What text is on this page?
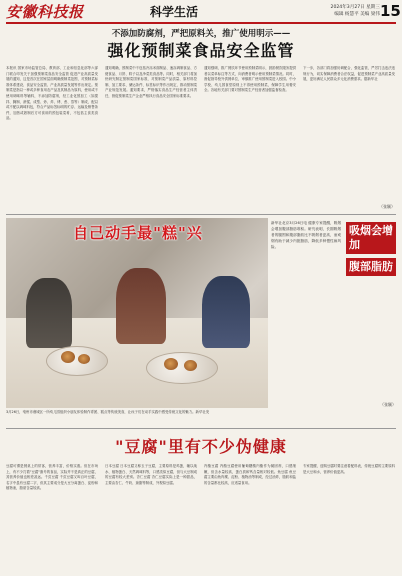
安徽科技报	科学生活	2024年3月27日 星期三
编辑 杨慧平 美编 梁伟 15
不添加防腐剂，严把原料关，推广使用明示——
强化预制菜食品安全监管
本报讯 国家市场监管总局、教育部、工业和信息化部等六部门联合印发关于加强预制菜食品安全监管 促进产业高质量发展的通知，这是首次在国家层面明确预制菜范围，对预制菜标准体系建设、食品安全监管、产业高质量发展等作出规定。预制菜是指以一种或多种食用农产品及其制品为原料，使用或不使用调味料等辅料，不添加防腐剂，经工业化预加工（如搅拌、腌制、滚揉、成型、炒、炸、烤、煮、蒸等）制成，配以或不配以调味料包，符合产品标签标明的贮存、运输及销售条件，加热或熟制后方可食用的预包装菜肴，不包括主食类食品。
通知明确，预制菜中不包括冷冻米面制品、速冻调制食品、方便食品、月饼、粽子以及净菜类食品等。同时，相关部门将加快研究制定预制菜国家标准，对预制菜产品质量、原材料控制、加工要求、储运条件、标签标识等作出规定，推动预制菜产业规范发展。通知要求，严格落实食品生产经营者主体责任，督促预制菜生产企业严格执行食品安全国家标准要求。
通知强调，推广餐饮环节使用预制菜明示，鼓励餐饮服务提供者以菜单标注等方式，向消费者明示使用预制菜情况。同时，督促指导校外供餐单位，审慎推广使用预制菜进入校园。中小学校、幼儿园食堂原则上不得使用预制菜，保障学生用餐安全。各地有关部门要对预制菜生产经营者加强监督检查。
下一步，各部门将加强协调配合，强化监管，严厉打击违法违规行为，切实保障消费者合法权益，促进预制菜产业高质量发展，更好满足人民群众多元化消费需求。据新华社
（张颖）
自己动手最"糕"兴
3月26日，亳州市谯城区一所幼儿园组织小朋友体验制作青团、糕点等传统美食，让孩子们在动手实践中感受传统文化的魅力。新华社发
新华社北京3月26日电 健康专家提醒，吸烟会增加腹部脂肪堆积。研究表明，长期吸烟者的腰围和腹部脂肪比不吸烟者更高，而戒烟有助于减少内脏脂肪，降低多种慢性病风险。
吸烟会增加
腹部脂肪
（张颖）
"豆腐"里有不少伪健康
豆腐可谓是餐桌上的常客，营养丰富，价格实惠。但在市场上，有不少打着"豆腐"旗号的食品，实际并不是真正的豆腐，其营养价值也相差甚远。千页豆腐 千页豆腐又叫百叶豆腐，名字中虽有豆腐二字，但其主要成分是大豆分离蛋白、淀粉和植物油，脂肪含量较高。
日本豆腐 日本豆腐又称玉子豆腐，主要原料是鸡蛋，辅以纯水、植物蛋白、天然调味料等，口感类似豆腐，但与大豆制成的豆腐有较大差别。杏仁豆腐 杏仁豆腐实际上是一种甜品，主要由杏仁、牛奶、琼脂等制成，外观似豆腐。
内酯豆腐 内酯豆腐使用葡萄糖酸内酯作为凝固剂，口感细嫩，但含水量较高，蛋白质和钙含量相对较低。鱼豆腐 鱼豆腐主要由鱼肉糜、淀粉、植物油等制成，经过油炸，脂肪和盐的含量都比较高，应适量食用。
专家提醒，选购豆腐时要注意看配料表，传统豆腐的主要原料是大豆和水，营养价值更高。
